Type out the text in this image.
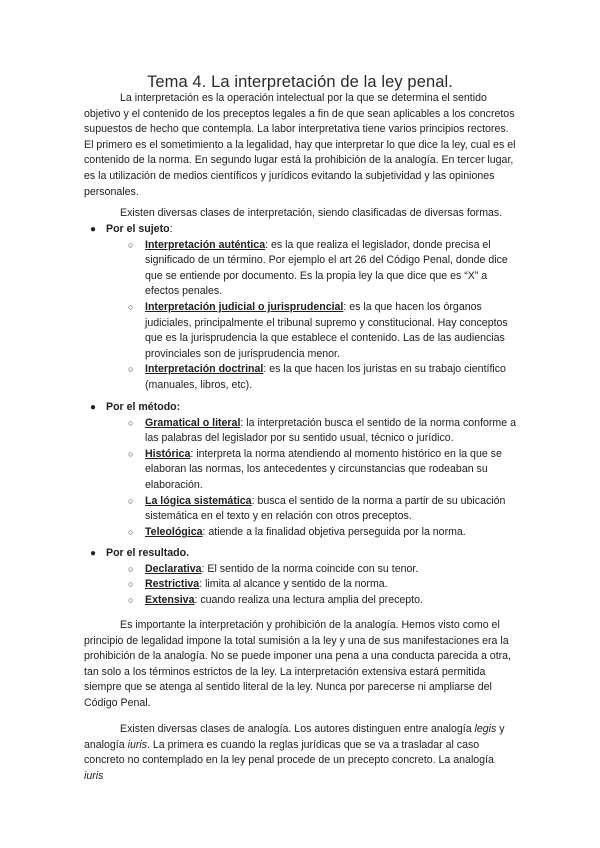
Tema 4. La interpretación de la ley penal.

La interpretación es la operación intelectual por la que se determina el sentido objetivo y el contenido de los preceptos legales a fin de que sean aplicables a los concretos supuestos de hecho que contempla. La labor interpretativa tiene varios principios rectores. El primero es el sometimiento a la legalidad, hay que interpretar lo que dice la ley, cual es el contenido de la norma. En segundo lugar está la prohibición de la analogía. En tercer lugar, es la utilización de medios científicos y jurídicos evitando la subjetividad y las opiniones personales.

Existen diversas clases de interpretación, siendo clasificadas de diversas formas.

● Por el sujeto:
○ Interpretación auténtica: es la que realiza el legislador, donde precisa el significado de un término. Por ejemplo el art 26 del Código Penal, donde dice que se entiende por documento. Es la propia ley la que dice que es “X” a efectos penales.
○ Interpretación judicial o jurisprudencial: es la que hacen los órganos judiciales, principalmente el tribunal supremo y constitucional. Hay conceptos que es la jurisprudencia la que establece el contenido. Las de las audiencias provinciales son de jurisprudencia menor.
○ Interpretación doctrinal: es la que hacen los juristas en su trabajo científico (manuales, libros, etc).
● Por el método:
○ Gramatical o literal: la interpretación busca el sentido de la norma conforme a las palabras del legislador por su sentido usual, técnico o jurídico.
○ Histórica: interpreta la norma atendiendo al momento histórico en la que se elaboran las normas, los antecedentes y circunstancias que rodeaban su elaboración.
○ La lógica sistemática: busca el sentido de la norma a partir de su ubicación sistemática en el texto y en relación con otros preceptos.
○ Teleológica: atiende a la finalidad objetiva perseguida por la norma.
● Por el resultado.
○ Declarativa: El sentido de la norma coincide con su tenor.
○ Restrictiva: limita al alcance y sentido de la norma.
○ Extensiva: cuando realiza una lectura amplia del precepto.

Es importante la interpretación y prohibición de la analogía. Hemos visto como el principio de legalidad impone la total sumisión a la ley y una de sus manifestaciones era la prohibición de la analogía. No se puede imponer una pena a una conducta parecida a otra, tan solo a los términos estrictos de la ley. La interpretación extensiva estará permitida siempre que se atenga al sentido literal de la ley. Nunca por parecerse ni ampliarse del Código Penal.

Existen diversas clases de analogía. Los autores distinguen entre analogía legis y analogía iuris. La primera es cuando la reglas jurídicas que se va a trasladar al caso concreto no contemplado en la ley penal procede de un precepto concreto. La analogía iuris
